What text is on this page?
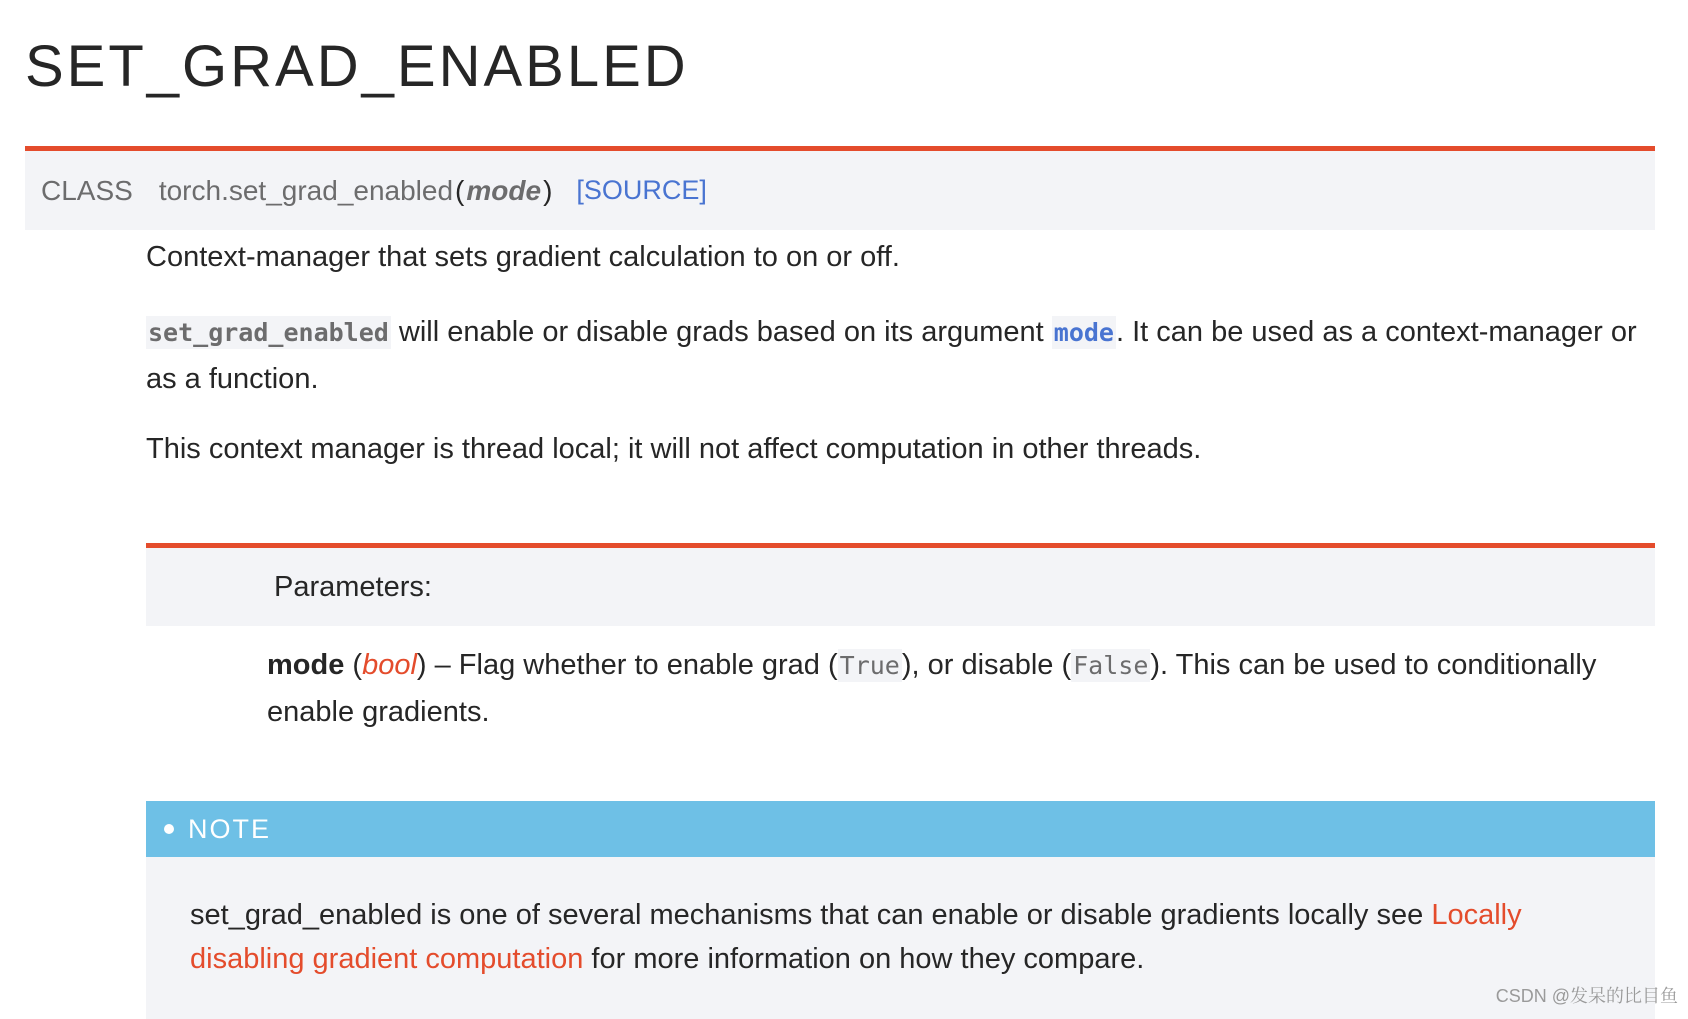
SET_GRAD_ENABLED
CLASS torch.set_grad_enabled ( mode ) [SOURCE]

Context-manager that sets gradient calculation to on or off.

set_grad_enabled will enable or disable grads based on its argument mode. It can be used as a context-manager or as a function.

This context manager is thread local; it will not affect computation in other threads.

Parameters:
mode (bool) – Flag whether to enable grad (True), or disable (False). This can be used to conditionally enable gradients.
NOTE
set_grad_enabled is one of several mechanisms that can enable or disable gradients locally see Locally disabling gradient computation for more information on how they compare.
CSDN @发呆的比目鱼
